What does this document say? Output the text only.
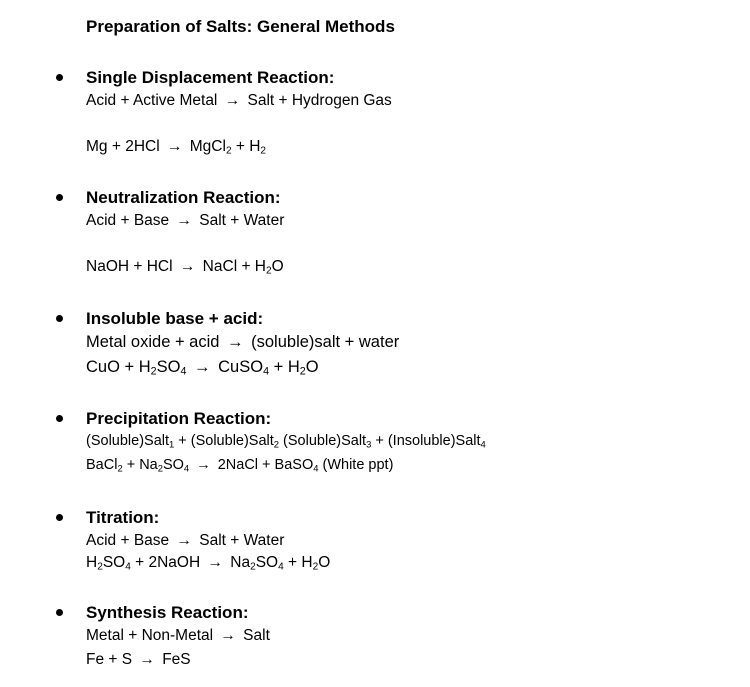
Preparation of Salts: General Methods
Single Displacement Reaction:
Acid + Active Metal → Salt + Hydrogen Gas
Mg + 2HCl → MgCl$_2$ + $H_2$
Neutralization Reaction:
Acid + Base → Salt + Water
NaOH + HCl → NaCl + $H_2O$
Insoluble base + acid:
Metal oxide + acid → (soluble)salt + water
CuO + $H_2SO_4$ → CuSO$_4$ + $H_2O$
Precipitation Reaction:
(Soluble)Salt$_1$ + (Soluble)Salt$_2$ (Soluble)Salt$_3$ + (Insoluble)Salt$_4$
BaCl$_2$ + $Na_2SO_4$ → 2NaCl + BaSO$_4$ (White ppt)
Titration:
Acid + Base → Salt + Water
$H_2SO_4$ + 2NaOH → $Na_2SO_4 + H_2O$
Synthesis Reaction:
Metal + Non-Metal → Salt
Fe + S → FeS
